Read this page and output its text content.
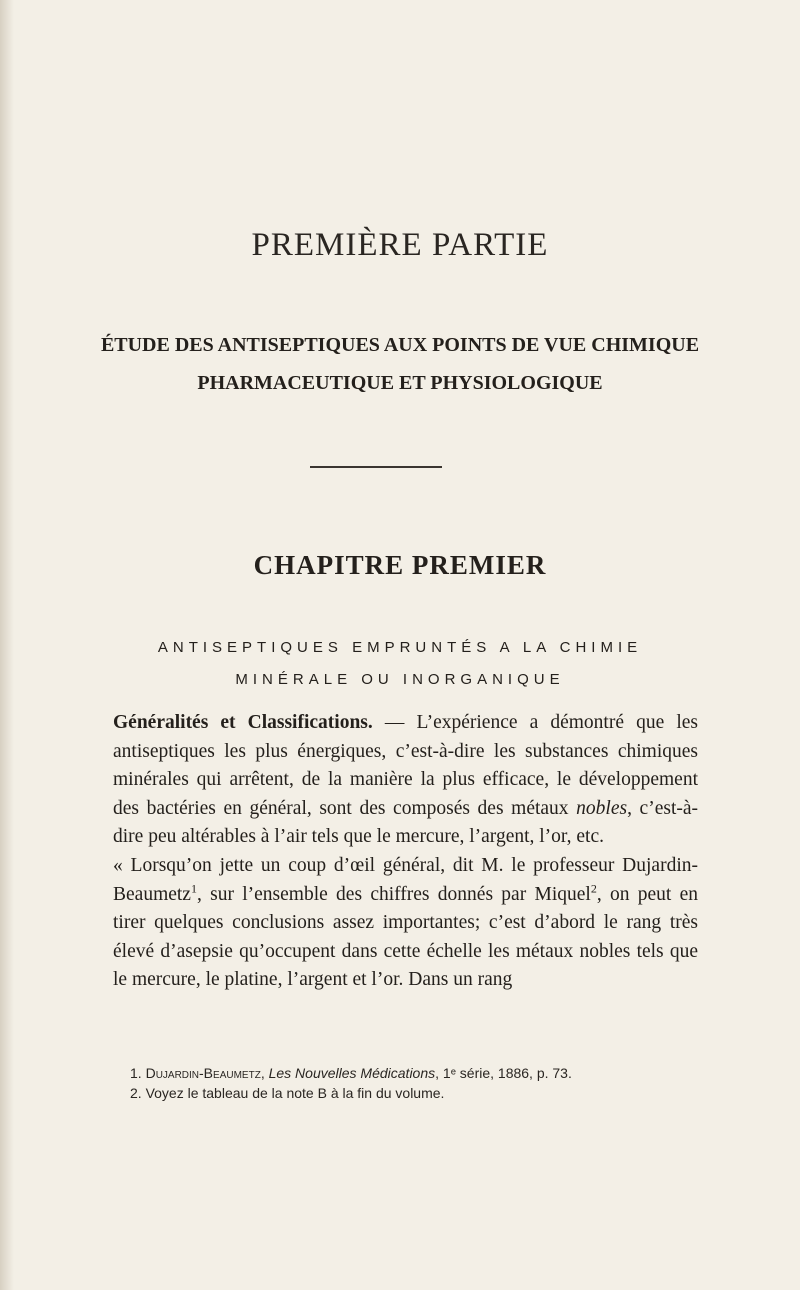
PREMIÈRE PARTIE
ÉTUDE DES ANTISEPTIQUES AUX POINTS DE VUE CHIMIQUE
PHARMACEUTIQUE ET PHYSIOLOGIQUE
CHAPITRE PREMIER
ANTISEPTIQUES EMPRUNTÉS A LA CHIMIE
MINÉRALE OU INORGANIQUE

Généralités et Classifications. — L’expérience a démontré que les antiseptiques les plus énergiques, c’est-à-dire les substances chimiques minérales qui arrêtent, de la manière la plus efficace, le développement des bactéries en général, sont des composés des métaux nobles, c’est-à-dire peu altérables à l’air tels que le mercure, l’argent, l’or, etc.

« Lorsqu’on jette un coup d’œil général, dit M. le professeur Dujardin-Beaumetz$^1$, sur l’ensemble des chiffres donnés par Miquel$^2$, on peut en tirer quelques conclusions assez importantes; c’est d’abord le rang très élevé d’asepsie qu’occupent dans cette échelle les métaux nobles tels que le mercure, le platine, l’argent et l’or. Dans un rang

1. Dujardin-Beaumetz, Les Nouvelles Médications, 1ᵉ série, 1886, p. 73.
2. Voyez le tableau de la note B à la fin du volume.
